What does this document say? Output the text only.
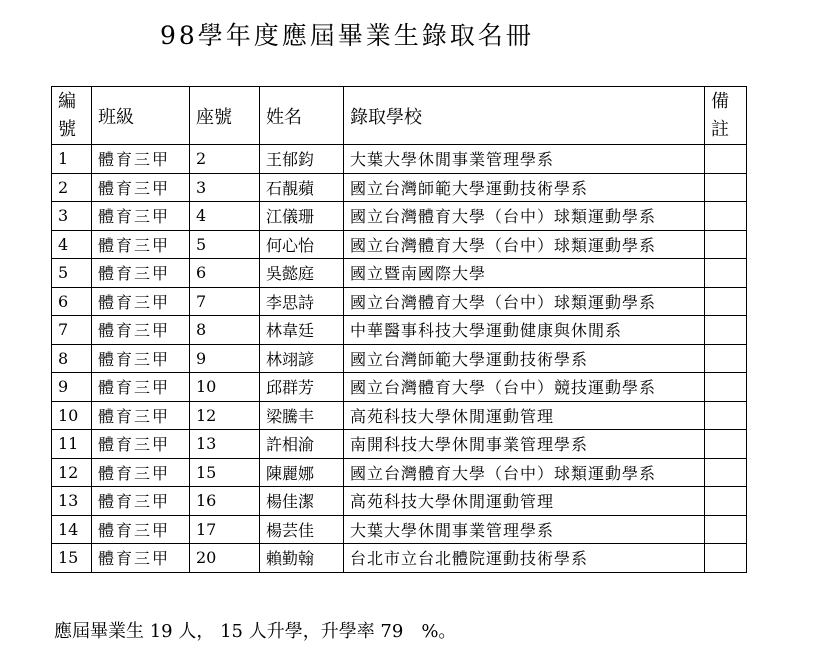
98學年度應屆畢業生錄取名冊
編
號	班級	座號	姓名	錄取學校	備
註

1	體育三甲	2	王郁鈞	大葉大學休閒事業管理學系	
2	體育三甲	3	石靚蘋	國立台灣師範大學運動技術學系	
3	體育三甲	4	江儀珊	國立台灣體育大學（台中）球類運動學系	
4	體育三甲	5	何心怡	國立台灣體育大學（台中）球類運動學系	
5	體育三甲	6	吳懿庭	國立暨南國際大學	
6	體育三甲	7	李思詩	國立台灣體育大學（台中）球類運動學系	
7	體育三甲	8	林韋廷	中華醫事科技大學運動健康與休閒系	
8	體育三甲	9	林翊諺	國立台灣師範大學運動技術學系	
9	體育三甲	10	邱群芳	國立台灣體育大學（台中）競技運動學系	
10	體育三甲	12	梁騰丰	高苑科技大學休閒運動管理	
11	體育三甲	13	許相渝	南開科技大學休閒事業管理學系	
12	體育三甲	15	陳麗娜	國立台灣體育大學（台中）球類運動學系	
13	體育三甲	16	楊佳潔	高苑科技大學休閒運動管理	
14	體育三甲	17	楊芸佳	大葉大學休閒事業管理學系	
15	體育三甲	20	賴勤翰	台北市立台北體院運動技術學系	
應屆畢業生 19 人， 15 人升學，升學率 79　%。
